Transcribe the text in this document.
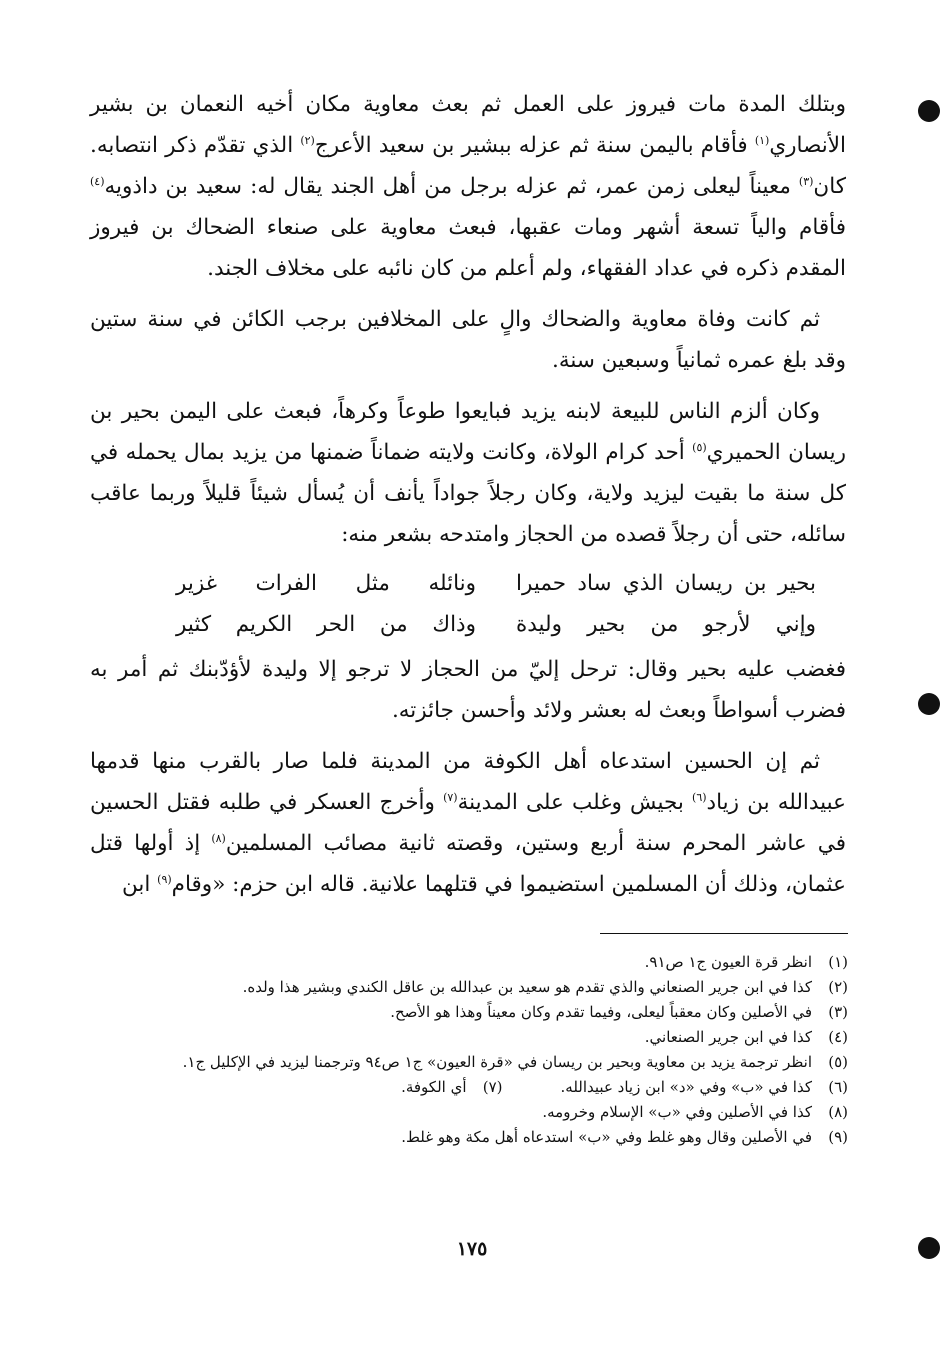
وبتلك المدة مات فيروز على العمل ثم بعث معاوية مكان أخيه النعمان بن بشير الأنصاري$^{(١)}$ فأقام باليمن سنة ثم عزله ببشير بن سعيد الأعرج$^{(٢)}$ الذي تقدّم ذكر انتصابه. كان$^{(٣)}$ معيناً ليعلى زمن عمر، ثم عزله برجل من أهل الجند يقال له: سعيد بن داذويه$^{(٤)}$ فأقام والياً تسعة أشهر ومات عقبها، فبعث معاوية على صنعاء الضحاك بن فيروز المقدم ذكره في عداد الفقهاء، ولم أعلم من كان نائبه على مخلاف الجند.

ثم كانت وفاة معاوية والضحاك والٍ على المخلافين برجب الكائن في سنة ستين وقد بلغ عمره ثمانياً وسبعين سنة.

وكان ألزم الناس للبيعة لابنه يزيد فبايعوا طوعاً وكرهاً، فبعث على اليمن بحير بن ريسان الحميري$^{(٥)}$ أحد كرام الولاة، وكانت ولايته ضماناً ضمنها من يزيد بمال يحمله في كل سنة ما بقيت ليزيد ولاية، وكان رجلاً جواداً يأنف أن يُسأل شيئاً قليلاً وربما عاقب سائله، حتى أن رجلاً قصده من الحجاز وامتدحه بشعر منه:

بحير بن ريسان الذي ساد حميرا
ونائله مثل الفرات غزير
وإني لأرجو من بحير وليدة
وذاك من الحر الكريم كثير

فغضب عليه بحير وقال: ترحل إليّ من الحجاز لا ترجو إلا وليدة لأؤدّبنك ثم أمر به فضرب أسواطاً وبعث له بعشر ولائد وأحسن جائزته.

ثم إن الحسين استدعاه أهل الكوفة من المدينة فلما صار بالقرب منها قدمها عبيدالله بن زياد$^{(٦)}$ بجيش وغلب على المدينة$^{(٧)}$ وأخرج العسكر في طلبه فقتل الحسين في عاشر المحرم سنة أربع وستين، وقصته ثانية مصائب المسلمين$^{(٨)}$ إذ أولها قتل عثمان، وذلك أن المسلمين استضيموا في قتلهما علانية. قاله ابن حزم: «وقام$^{(٩)}$ ابن

(١)
انظر قرة العيون ج١ ص٩١.
(٢)
كذا في ابن جرير الصنعاني والذي تقدم هو سعيد بن عبدالله بن عاقل الكندي وبشير هذا ولده.
(٣)
في الأصلين وكان معقباً ليعلى، وفيما تقدم وكان معيناً وهذا هو الأصح.
(٤)
كذا في ابن جرير الصنعاني.
(٥)
انظر ترجمة يزيد بن معاوية وبحير بن ريسان في «قرة العيون» ج١ ص٩٤ وترجمنا ليزيد في الإكليل ج١.
(٦)
كذا في «ب» وفي «د» ابن زياد عبيدالله.
(٧)
أي الكوفة.
(٨)
كذا في الأصلين وفي «ب» الإسلام وخرومه.
(٩)
في الأصلين وقال وهو غلط وفي «ب» استدعاه أهل مكة وهو غلط.
١٧٥
